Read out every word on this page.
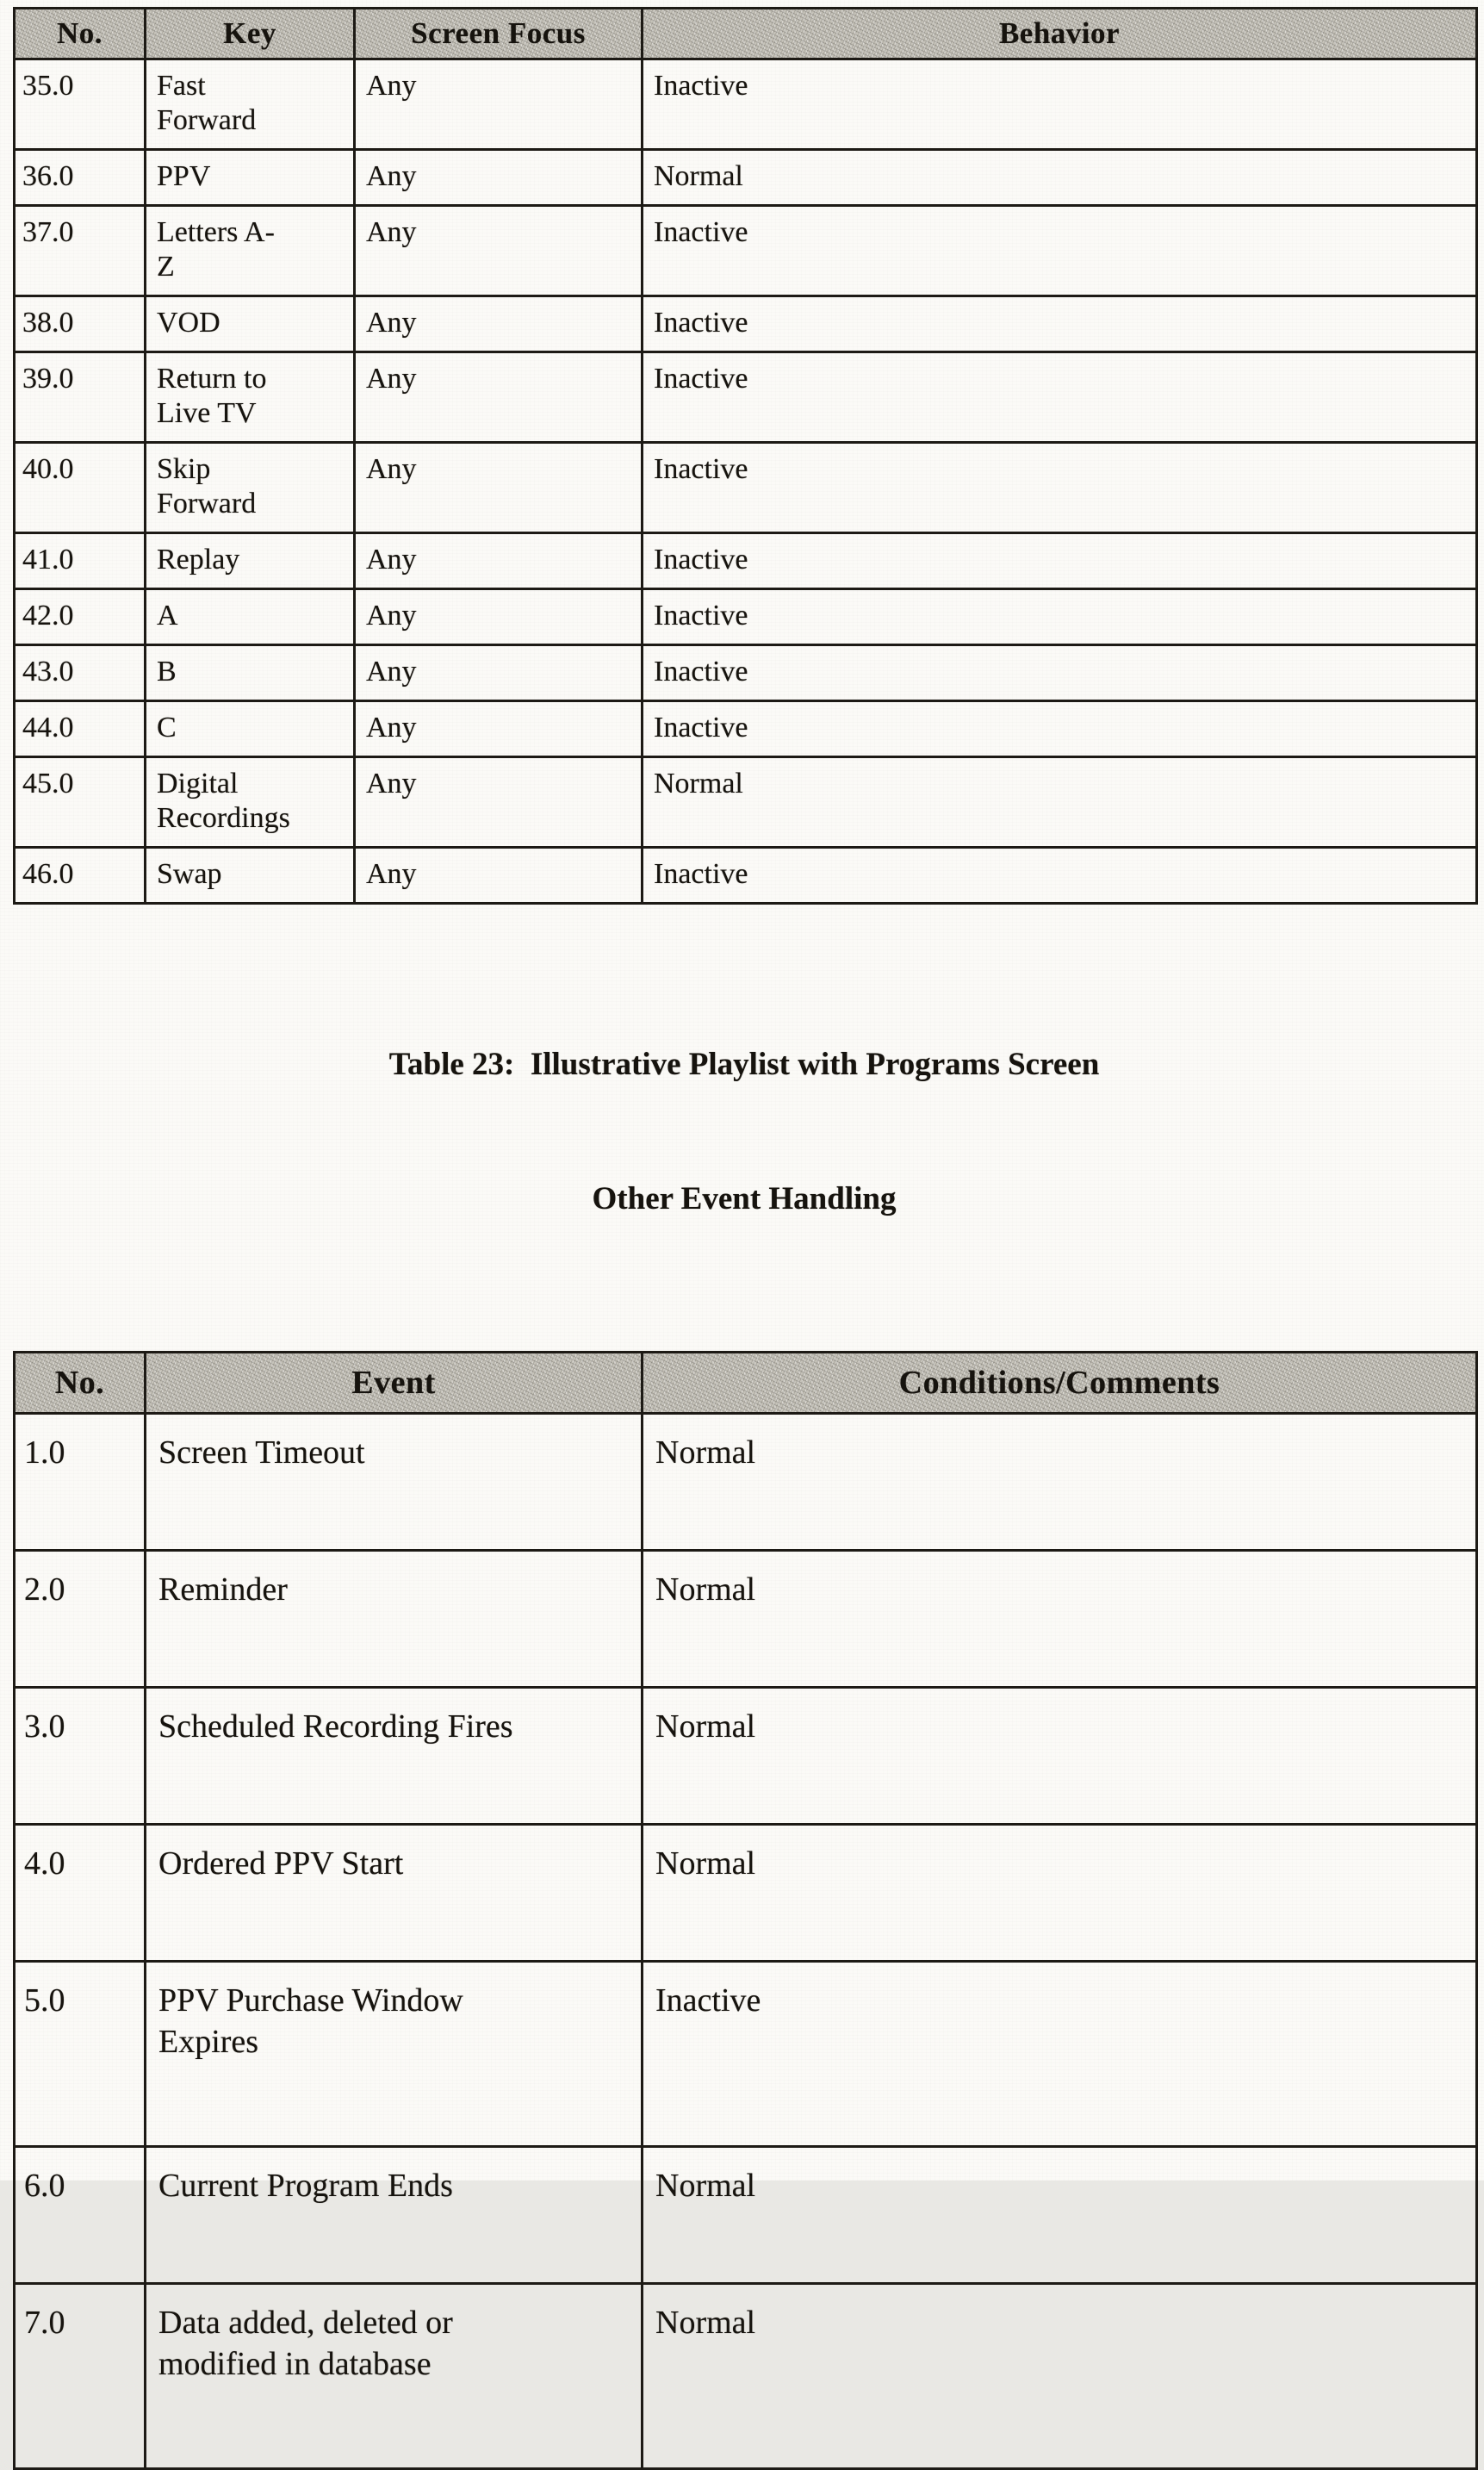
No.	Key	Screen Focus	Behavior
35.0	Fast
Forward	Any	Inactive
36.0	PPV	Any	Normal
37.0	Letters A-
Z	Any	Inactive
38.0	VOD	Any	Inactive
39.0	Return to
Live TV	Any	Inactive
40.0	Skip
Forward	Any	Inactive
41.0	Replay	Any	Inactive
42.0	A	Any	Inactive
43.0	B	Any	Inactive
44.0	C	Any	Inactive
45.0	Digital
Recordings	Any	Normal
46.0	Swap	Any	Inactive

Table 23:  Illustrative Playlist with Programs Screen

Other Event Handling

No.	Event	Conditions/Comments
1.0	Screen Timeout	Normal
2.0	Reminder	Normal
3.0	Scheduled Recording Fires	Normal
4.0	Ordered PPV Start	Normal
5.0	PPV Purchase Window
Expires	Inactive
6.0	Current Program Ends	Normal
7.0	Data added, deleted or
modified in database	Normal
